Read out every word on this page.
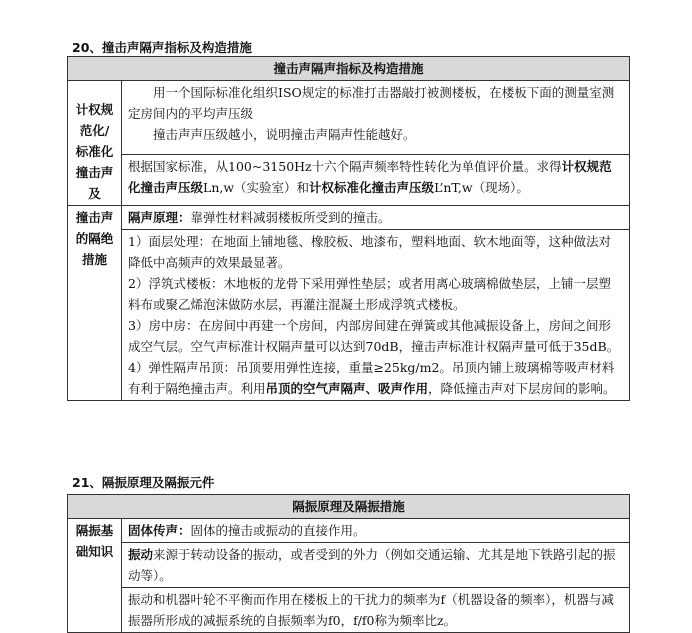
20、撞击声隔声指标及构造措施
撞击声隔声指标及构造措施	
计权规范化/标准化撞击声及	用一个国际标准化组织ISO规定的标准打击器敲打被测楼板，在楼板下面的测量室测定房间内的平均声压级
撞击声声压级越小，说明撞击声隔声性能越好。

	根据国家标准，从100~3150Hz十六个隔声频率特性转化为单值评价量。求得计权规范化撞击声压级Ln,w（实验室）和计权标准化撞击声压级L’nT,w（现场）。
撞击声的隔绝措施	隔声原理：靠弹性材料减弱楼板所受到的撞击。

	1）面层处理：在地面上铺地毯、橡胶板、地漆布，塑料地面、软木地面等，这种做法对降低中高频声的效果最显著。
2）浮筑式楼板：木地板的龙骨下采用弹性垫层；或者用离心玻璃棉做垫层，上铺一层塑料布或聚乙烯泡沫做防水层，再灌注混凝土形成浮筑式楼板。
3）房中房：在房间中再建一个房间，内部房间建在弹簧或其他减振设备上，房间之间形成空气层。空气声标准计权隔声量可以达到70dB，撞击声标准计权隔声量可低于35dB。
4）弹性隔声吊顶：吊顶要用弹性连接，重量≥25kg/m2。吊顶内铺上玻璃棉等吸声材料有利于隔绝撞击声。利用吊顶的空气声隔声、吸声作用，降低撞击声对下层房间的影响。
21、隔振原理及隔振元件
隔振原理及隔振措施
隔振基础知识	固体传声：固体的撞击或振动的直接作用。
振动来源于转动设备的振动，或者受到的外力（例如交通运输、尤其是地下铁路引起的振动等）。
振动和机器叶轮不平衡而作用在楼板上的干扰力的频率为f（机器设备的频率），机器与减振器所形成的减振系统的自振频率为f0，f/f0称为频率比z。
